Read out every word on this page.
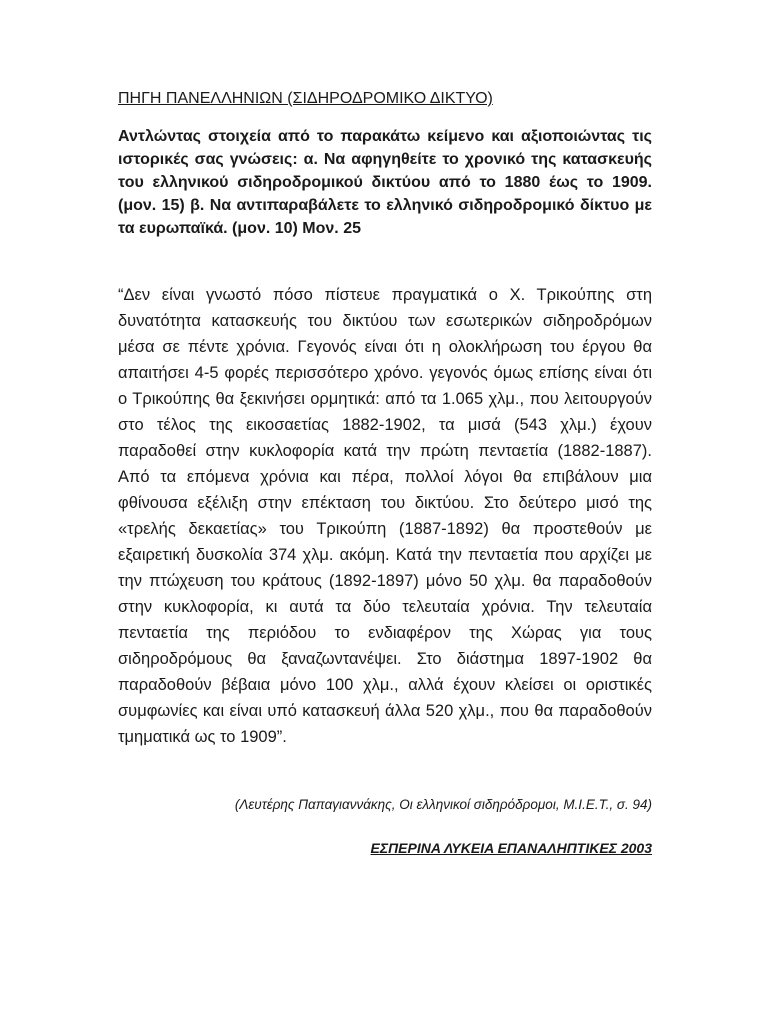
ΠΗΓΗ ΠΑΝΕΛΛΗΝΙΩΝ (ΣΙΔΗΡΟΔΡΟΜΙΚΟ ΔΙΚΤΥΟ)

Αντλώντας στοιχεία από το παρακάτω κείμενο και αξιοποιώντας τις ιστορικές σας γνώσεις: α. Να αφηγηθείτε το χρονικό της κατασκευής του ελληνικού σιδηροδρομικού δικτύου από το 1880 έως το 1909. (μον. 15) β. Να αντιπαραβάλετε το ελληνικό σιδηροδρομικό δίκτυο με τα ευρωπαϊκά. (μον. 10) Μον. 25

“Δεν είναι γνωστό πόσο πίστευε πραγματικά ο Χ. Τρικούπης στη δυνατότητα κατασκευής του δικτύου των εσωτερικών σιδηροδρόμων μέσα σε πέντε χρόνια. Γεγονός είναι ότι η ολοκλήρωση του έργου θα απαιτήσει 4-5 φορές περισσότερο χρόνο. γεγονός όμως επίσης είναι ότι ο Τρικούπης θα ξεκινήσει ορμητικά: από τα 1.065 χλμ., που λειτουργούν στο τέλος της εικοσαετίας 1882-1902, τα μισά (543 χλμ.) έχουν παραδοθεί στην κυκλοφορία κατά την πρώτη πενταετία (1882-1887). Από τα επόμενα χρόνια και πέρα, πολλοί λόγοι θα επιβάλουν μια φθίνουσα εξέλιξη στην επέκταση του δικτύου. Στο δεύτερο μισό της «τρελής δεκαετίας» του Τρικούπη (1887-1892) θα προστεθούν με εξαιρετική δυσκολία 374 χλμ. ακόμη. Κατά την πενταετία που αρχίζει με την πτώχευση του κράτους (1892-1897) μόνο 50 χλμ. θα παραδοθούν στην κυκλοφορία, κι αυτά τα δύο τελευταία χρόνια. Την τελευταία πενταετία της περιόδου το ενδιαφέρον της Χώρας για τους σιδηροδρόμους θα ξαναζωντανέψει. Στο διάστημα 1897-1902 θα παραδοθούν βέβαια μόνο 100 χλμ., αλλά έχουν κλείσει οι οριστικές συμφωνίες και είναι υπό κατασκευή άλλα 520 χλμ., που θα παραδοθούν τμηματικά ως το 1909”.

(Λευτέρης Παπαγιαννάκης, Οι ελληνικοί σιδηρόδρομοι, Μ.Ι.Ε.Τ., σ. 94)

ΕΣΠΕΡΙΝΑ ΛΥΚΕΙΑ ΕΠΑΝΑΛΗΠΤΙΚΕΣ 2003
